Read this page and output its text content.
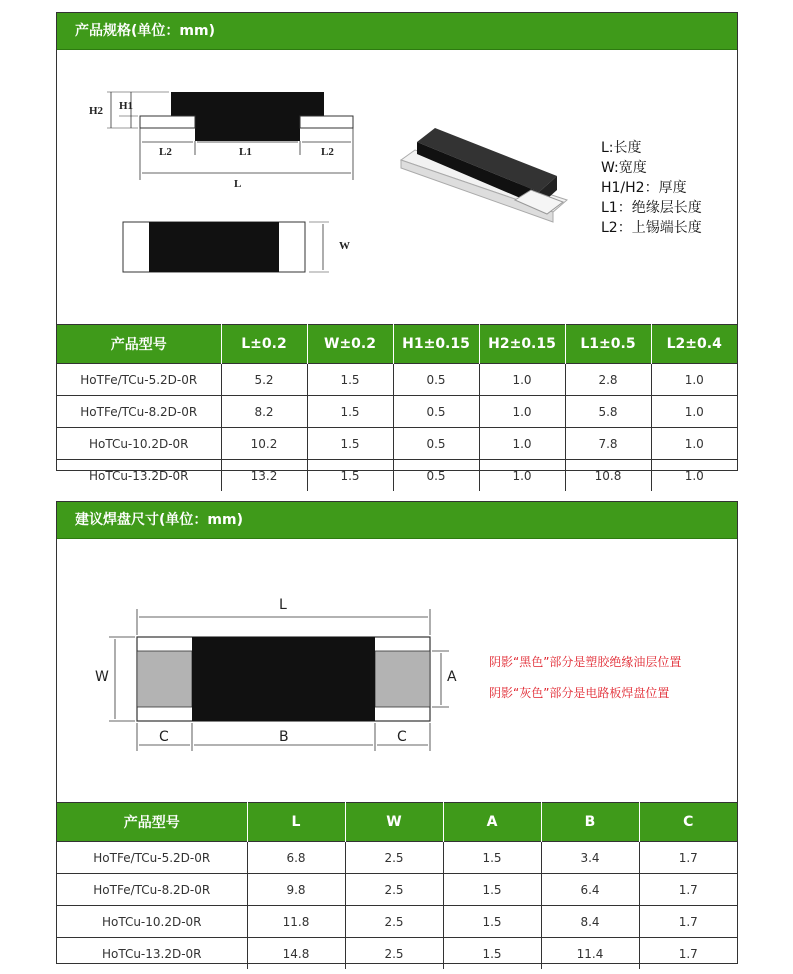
产品规格(单位：mm)
H2 H1
L2	L1	L2
L
W
L:长度
W:宽度
H1/H2：厚度
L1：绝缘层长度
L2：上锡端长度
产品型号	L±0.2	W±0.2	H1±0.15	H2±0.15	L1±0.5	L2±0.4
HoTFe/TCu-5.2D-0R	5.2	1.5	0.5	1.0	2.8	1.0
HoTFe/TCu-8.2D-0R	8.2	1.5	0.5	1.0	5.8	1.0
HoTCu-10.2D-0R	10.2	1.5	0.5	1.0	7.8	1.0
HoTCu-13.2D-0R	13.2	1.5	0.5	1.0	10.8	1.0
建议焊盘尺寸(单位：mm)
L
W	A
C	B	C
阴影“黑色”部分是塑胶绝缘油层位置
阴影“灰色”部分是电路板焊盘位置
产品型号	L	W	A	B	C
HoTFe/TCu-5.2D-0R	6.8	2.5	1.5	3.4	1.7
HoTFe/TCu-8.2D-0R	9.8	2.5	1.5	6.4	1.7
HoTCu-10.2D-0R	11.8	2.5	1.5	8.4	1.7
HoTCu-13.2D-0R	14.8	2.5	1.5	11.4	1.7
